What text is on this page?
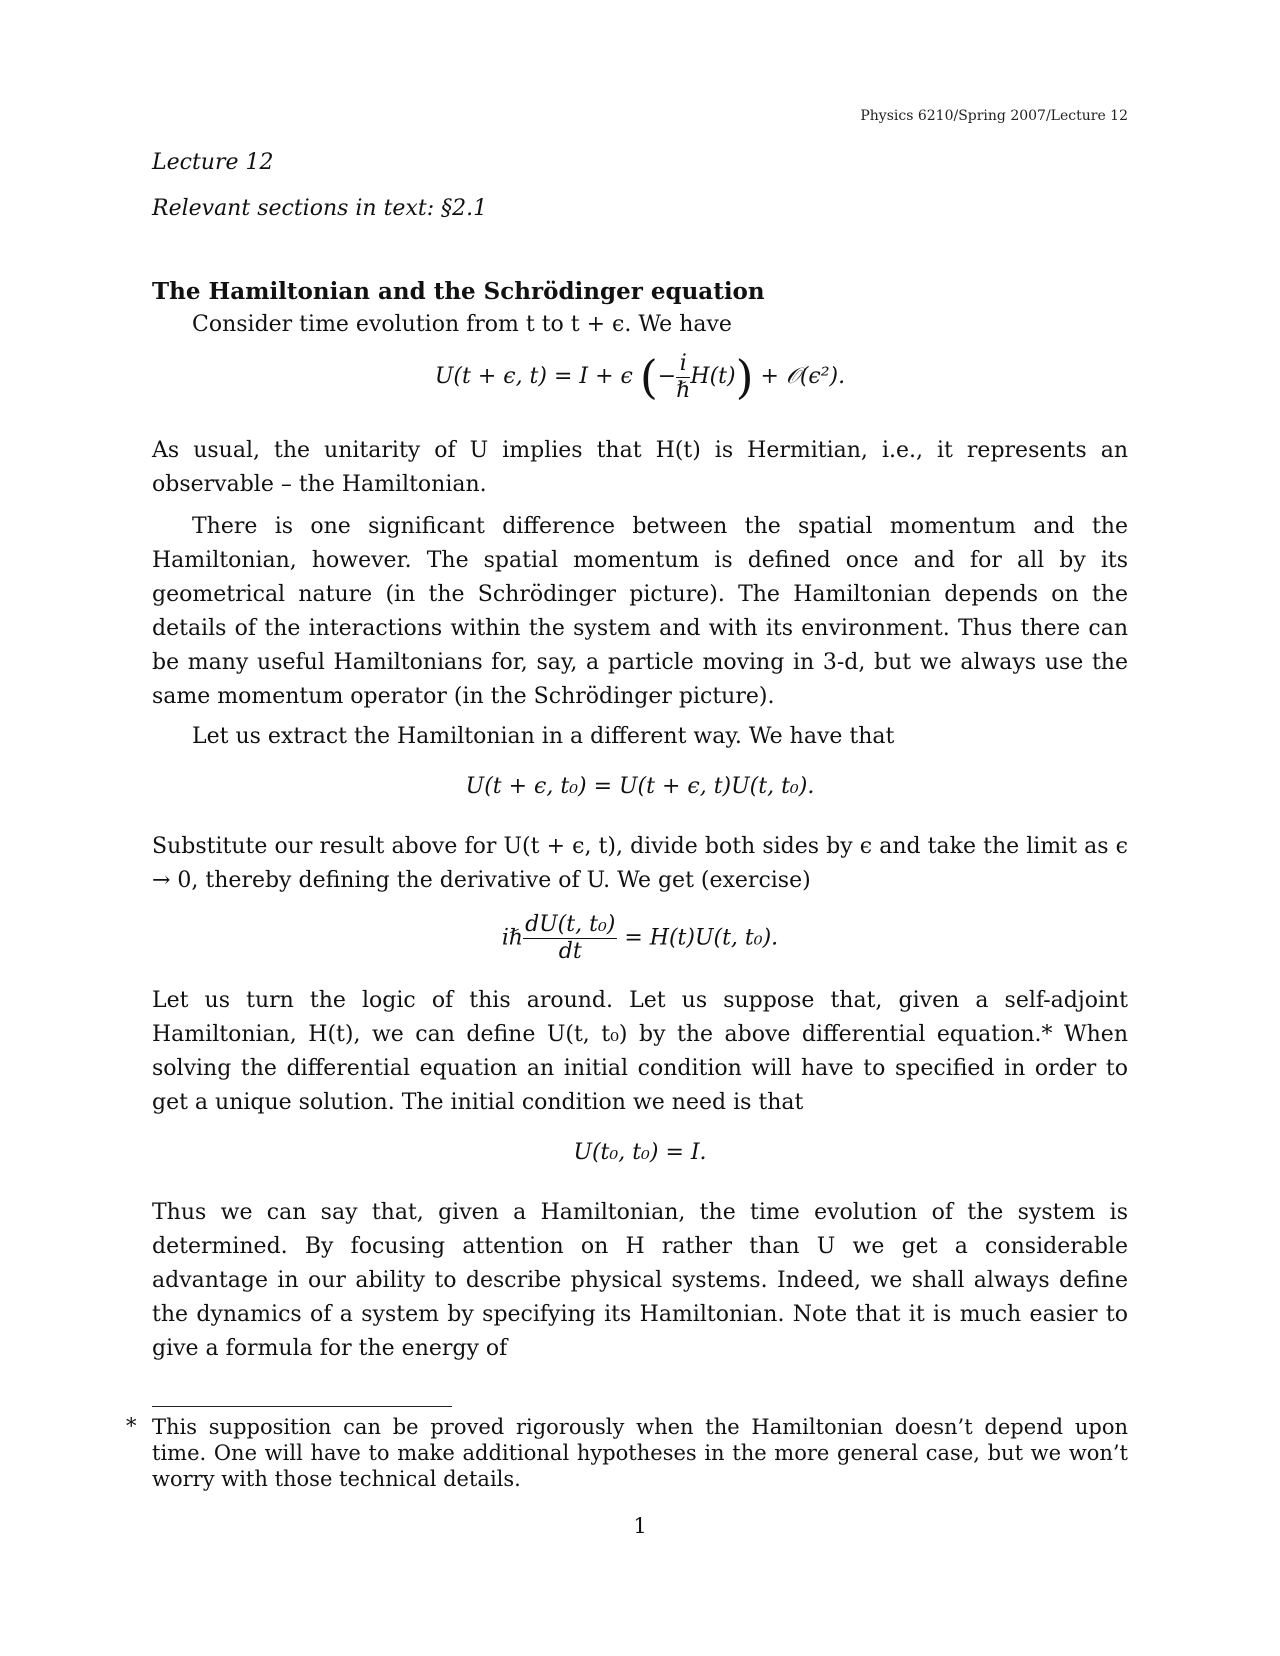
Physics 6210/Spring 2007/Lecture 12
Lecture 12
Relevant sections in text: §2.1
The Hamiltonian and the Schrödinger equation

Consider time evolution from t to t + ϵ. We have

U(t + ϵ, t) = I + ϵ (− $\frac{i}{\text{ℏ}} H(t)$) + 𝒪(ϵ²).

As usual, the unitarity of U implies that H(t) is Hermitian, i.e., it represents an observable – the Hamiltonian.

There is one significant difference between the spatial momentum and the Hamiltonian, however. The spatial momentum is defined once and for all by its geometrical nature (in the Schrödinger picture). The Hamiltonian depends on the details of the interactions within the system and with its environment. Thus there can be many useful Hamiltonians for, say, a particle moving in 3-d, but we always use the same momentum operator (in the Schrödinger picture).

Let us extract the Hamiltonian in a different way. We have that

U(t + ϵ, t₀) = U(t + ϵ, t)U(t, t₀).

Substitute our result above for U(t + ϵ, t), divide both sides by ϵ and take the limit as ϵ → 0, thereby defining the derivative of U. We get (exercise)

iℏ $\frac{\text{dU(t, t₀)}}{dt} = H(t)U(t$, t₀).

Let us turn the logic of this around. Let us suppose that, given a self-adjoint Hamiltonian, H(t), we can define U(t, t₀) by the above differential equation.* When solving the differential equation an initial condition will have to specified in order to get a unique solution. The initial condition we need is that

U(t₀, t₀) = I.

Thus we can say that, given a Hamiltonian, the time evolution of the system is determined. By focusing attention on H rather than U we get a considerable advantage in our ability to describe physical systems. Indeed, we shall always define the dynamics of a system by specifying its Hamiltonian. Note that it is much easier to give a formula for the energy of

* This supposition can be proved rigorously when the Hamiltonian doesn’t depend upon time. One will have to make additional hypotheses in the more general case, but we won’t worry with those technical details.

1
